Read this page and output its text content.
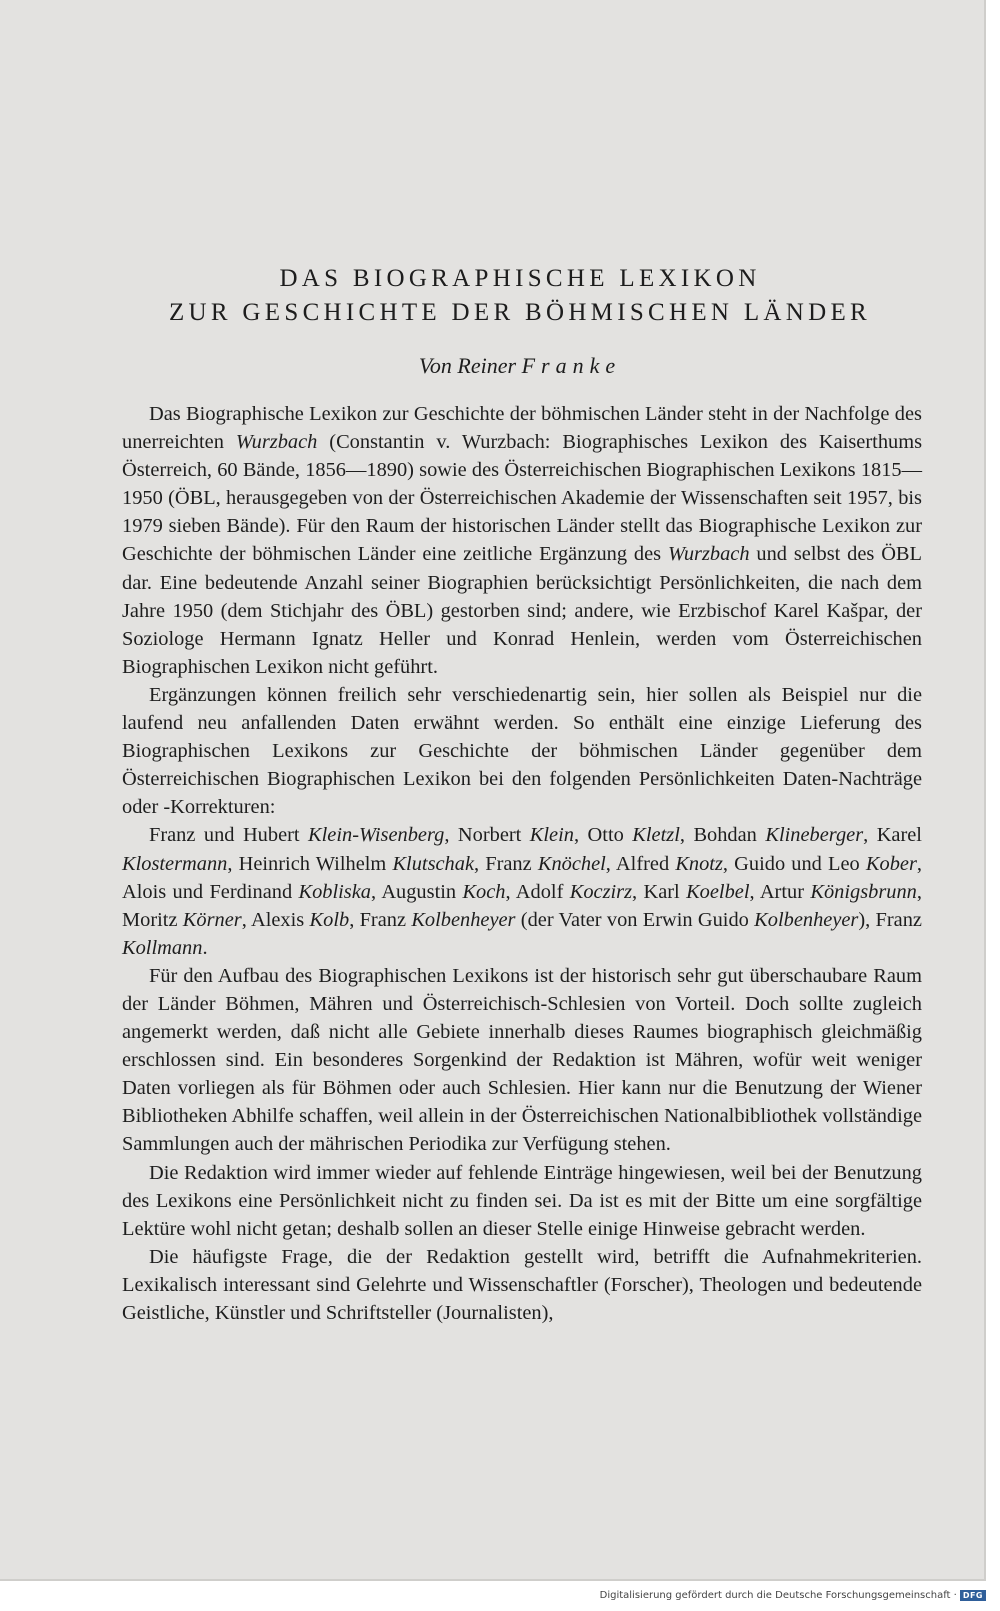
DAS BIOGRAPHISCHE LEXIKON
ZUR GESCHICHTE DER BÖHMISCHEN LÄNDER
Von Reiner Franke

Das Biographische Lexikon zur Geschichte der böhmischen Länder steht in der Nachfolge des unerreichten Wurzbach (Constantin v. Wurzbach: Biographisches Lexikon des Kaiserthums Österreich, 60 Bände, 1856—1890) sowie des Österreichischen Biographischen Lexikons 1815—1950 (ÖBL, herausgegeben von der Österreichischen Akademie der Wissenschaften seit 1957, bis 1979 sieben Bände). Für den Raum der historischen Länder stellt das Biographische Lexikon zur Geschichte der böhmischen Länder eine zeitliche Ergänzung des Wurzbach und selbst des ÖBL dar. Eine bedeutende Anzahl seiner Biographien berücksichtigt Persönlichkeiten, die nach dem Jahre 1950 (dem Stichjahr des ÖBL) gestorben sind; andere, wie Erzbischof Karel Kašpar, der Soziologe Hermann Ignatz Heller und Konrad Henlein, werden vom Österreichischen Biographischen Lexikon nicht geführt.

Ergänzungen können freilich sehr verschiedenartig sein, hier sollen als Beispiel nur die laufend neu anfallenden Daten erwähnt werden. So enthält eine einzige Lieferung des Biographischen Lexikons zur Geschichte der böhmischen Länder gegenüber dem Österreichischen Biographischen Lexikon bei den folgenden Persönlichkeiten Daten-Nachträge oder -Korrekturen:

Franz und Hubert Klein-Wisenberg, Norbert Klein, Otto Kletzl, Bohdan Klineberger, Karel Klostermann, Heinrich Wilhelm Klutschak, Franz Knöchel, Alfred Knotz, Guido und Leo Kober, Alois und Ferdinand Kobliska, Augustin Koch, Adolf Koczirz, Karl Koelbel, Artur Königsbrunn, Moritz Körner, Alexis Kolb, Franz Kolbenheyer (der Vater von Erwin Guido Kolbenheyer), Franz Kollmann.

Für den Aufbau des Biographischen Lexikons ist der historisch sehr gut überschaubare Raum der Länder Böhmen, Mähren und Österreichisch-Schlesien von Vorteil. Doch sollte zugleich angemerkt werden, daß nicht alle Gebiete innerhalb dieses Raumes biographisch gleichmäßig erschlossen sind. Ein besonderes Sorgenkind der Redaktion ist Mähren, wofür weit weniger Daten vorliegen als für Böhmen oder auch Schlesien. Hier kann nur die Benutzung der Wiener Bibliotheken Abhilfe schaffen, weil allein in der Österreichischen Nationalbibliothek vollständige Sammlungen auch der mährischen Periodika zur Verfügung stehen.

Die Redaktion wird immer wieder auf fehlende Einträge hingewiesen, weil bei der Benutzung des Lexikons eine Persönlichkeit nicht zu finden sei. Da ist es mit der Bitte um eine sorgfältige Lektüre wohl nicht getan; deshalb sollen an dieser Stelle einige Hinweise gebracht werden.

Die häufigste Frage, die der Redaktion gestellt wird, betrifft die Aufnahmekriterien. Lexikalisch interessant sind Gelehrte und Wissenschaftler (Forscher), Theologen und bedeutende Geistliche, Künstler und Schriftsteller (Journalisten),

Digitalisierung gefördert durch die Deutsche Forschungsgemeinschaft · DFG
